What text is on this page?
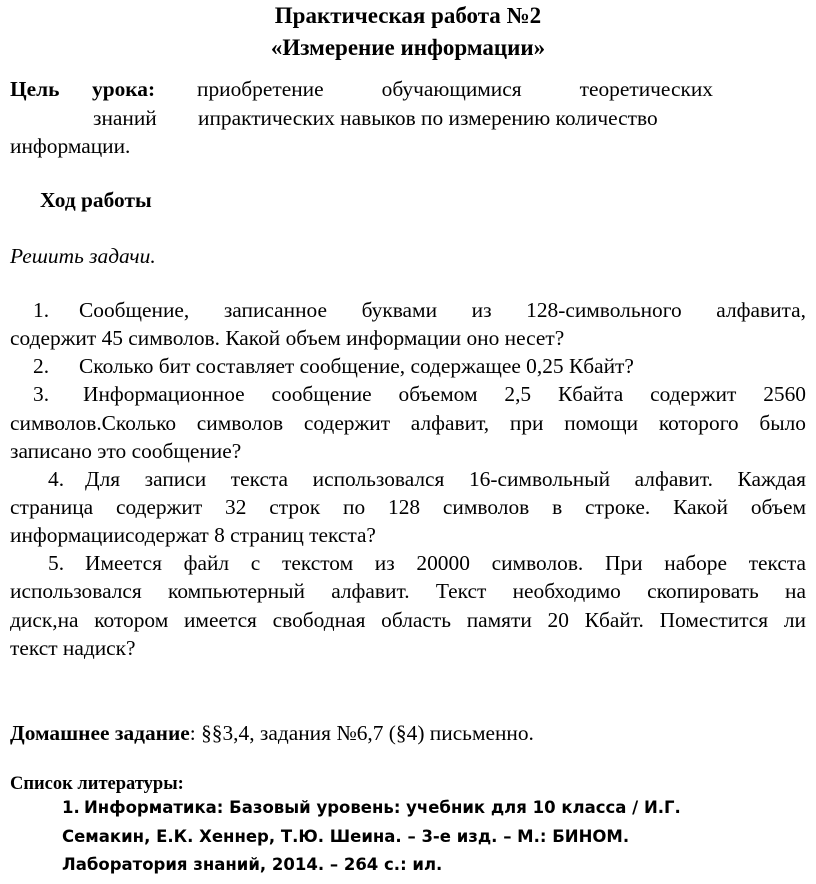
Практическая работа №2
«Измерение информации»
Цель урока: приобретение обучающимися теоретических
знаний ипрактических навыков по измерению количество
информации.
Ход работы
Решить задачи.
1. Сообщение, записанное буквами из 128-символьного алфавита,
содержит 45 символов. Какой объем информации оно несет?
2. Сколько бит составляет сообщение, содержащее 0,25 Кбайт?
3. Информационное сообщение объемом 2,5 Кбайта содержит 2560
символов.Сколько символов содержит алфавит, при помощи которого было
записано это сообщение?
4. Для записи текста использовался 16-символьный алфавит. Каждая
страница содержит 32 строк по 128 символов в строке. Какой объем
информациисодержат 8 страниц текста?
5. Имеется файл с текстом из 20000 символов. При наборе текста
использовался компьютерный алфавит. Текст необходимо скопировать на
диск,на котором имеется свободная область памяти 20 Кбайт. Поместится ли
текст надиск?
Домашнее задание: §§3,4, задания №6,7 (§4) письменно.
Список литературы:
1. Информатика: Базовый уровень: учебник для 10 класса / И.Г.
Семакин, Е.К. Хеннер, Т.Ю. Шеина. – 3-е изд. – М.: БИНОМ.
Лаборатория знаний, 2014. – 264 с.: ил.
